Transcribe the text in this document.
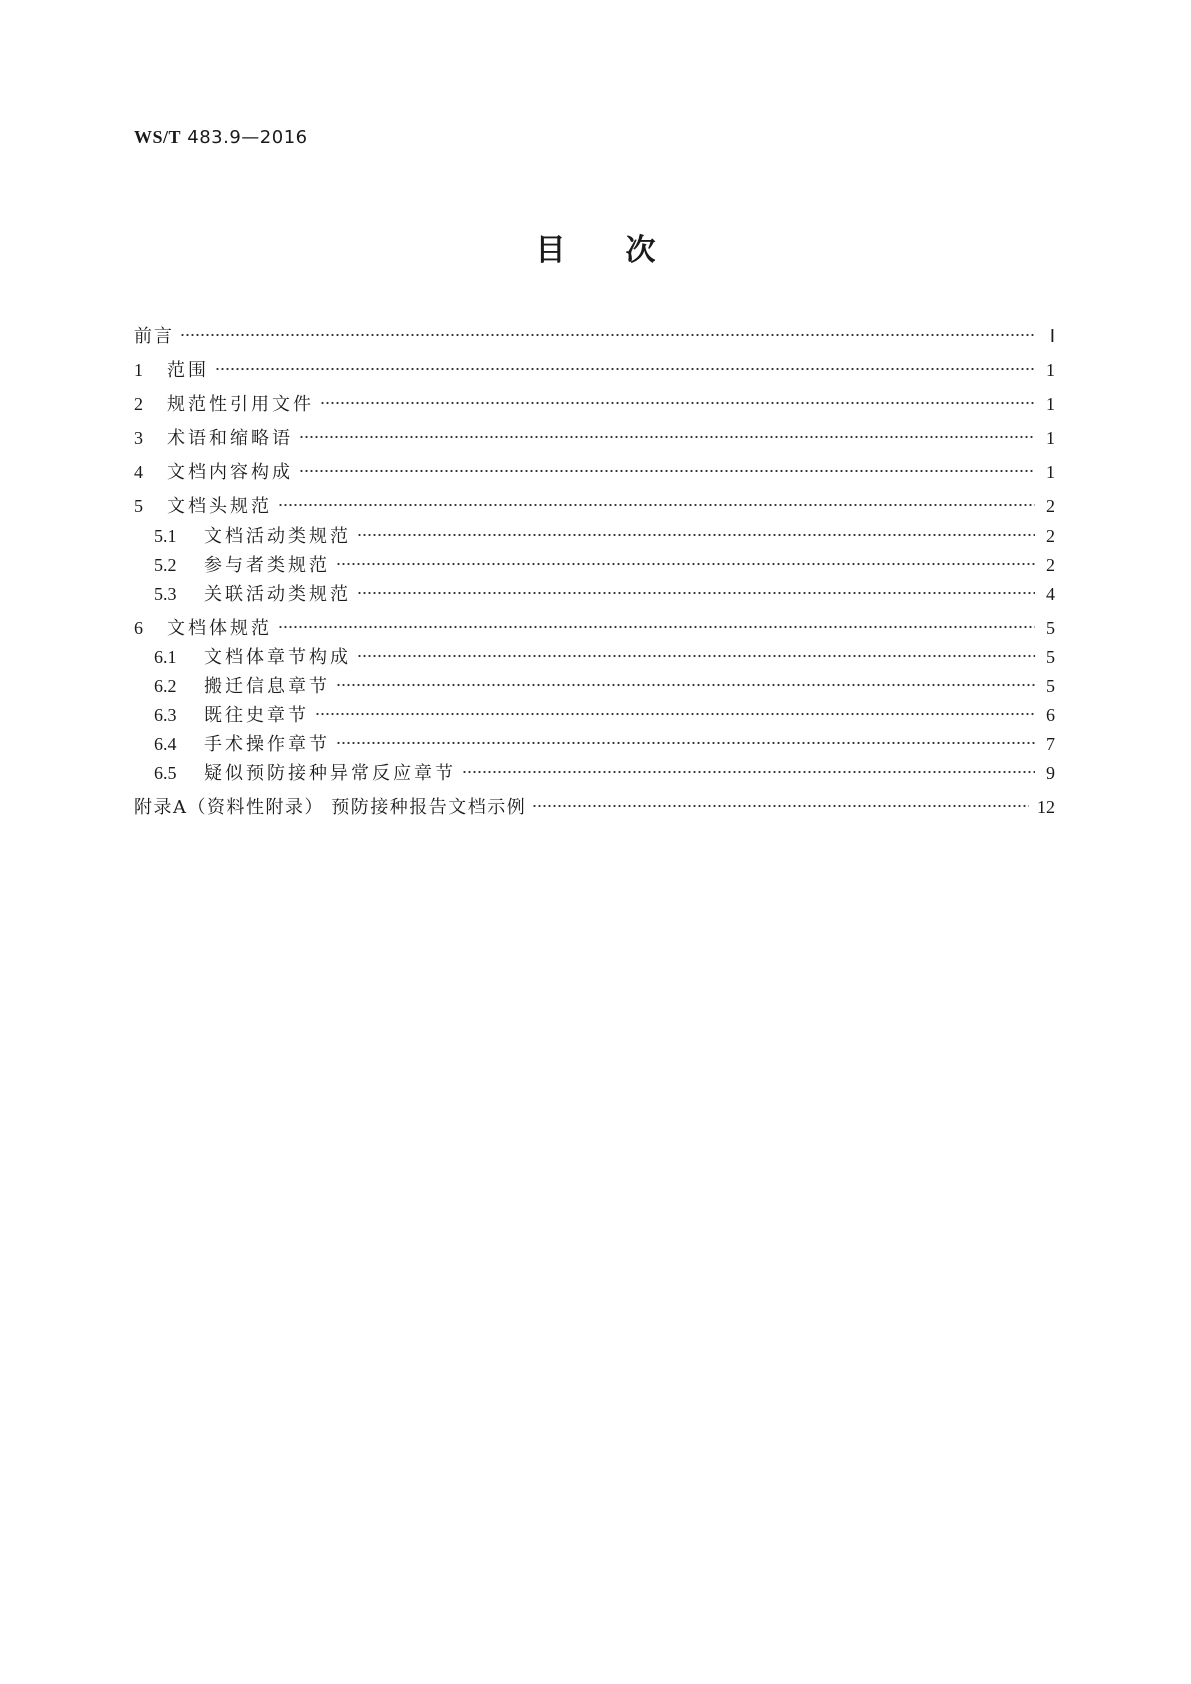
WS/T 483.9—2016
目次
前言	Ⅰ
1	范围	1
2	规范性引用文件	1
3	术语和缩略语	1
4	文档内容构成	1
5	文档头规范	2
5.1	文档活动类规范	2
5.2	参与者类规范	2
5.3	关联活动类规范	4
6	文档体规范	5
6.1	文档体章节构成	5
6.2	搬迁信息章节	5
6.3	既往史章节	6
6.4	手术操作章节	7
6.5	疑似预防接种异常反应章节	9
附录A（资料性附录） 预防接种报告文档示例	12
